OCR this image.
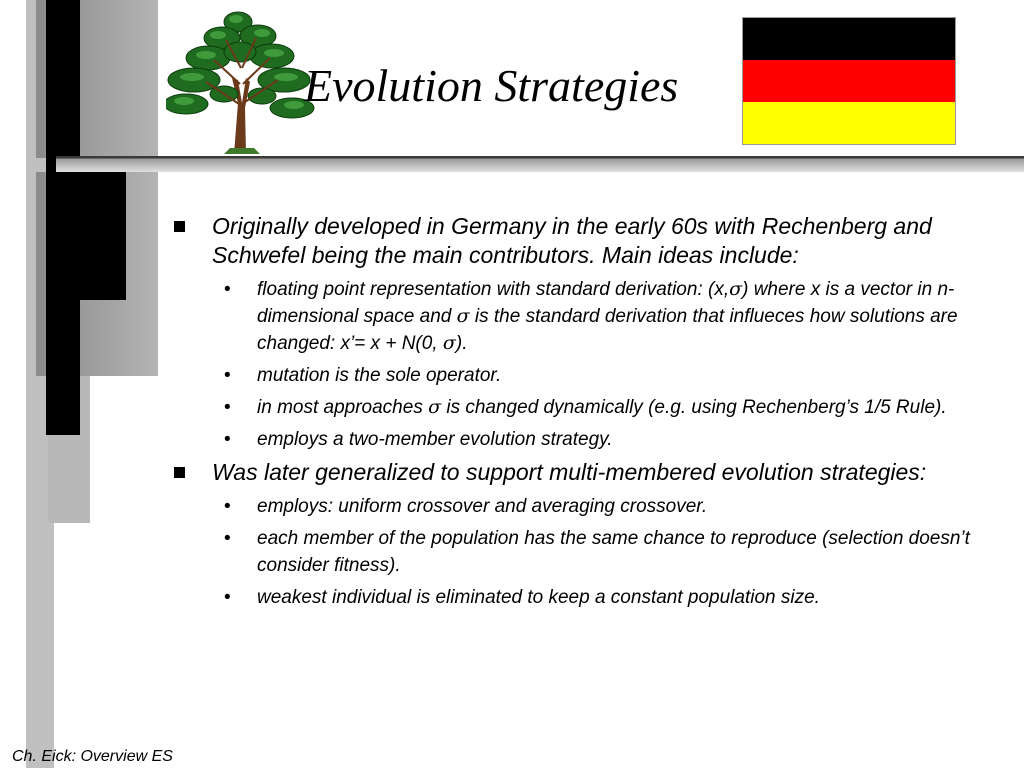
Evolution Strategies
Originally developed in Germany in the early 60s with Rechenberg and Schwefel being the main contributors. Main ideas include:
• floating point representation with standard derivation: (x,σ) where x is a vector in n-dimensional space and σ is the standard derivation that influeces how solutions are changed: x’= x + N(0, σ).
• mutation is the sole operator.
• in most approaches σ is changed dynamically (e.g. using Rechenberg’s 1/5 Rule).
• employs a two-member evolution strategy.
Was later generalized to support multi-membered evolution strategies:
• employs: uniform crossover and averaging crossover.
• each member of the population has the same chance to reproduce (selection doesn’t consider fitness).
• weakest individual is eliminated to keep a constant population size.
Ch. Eick: Overview ES
